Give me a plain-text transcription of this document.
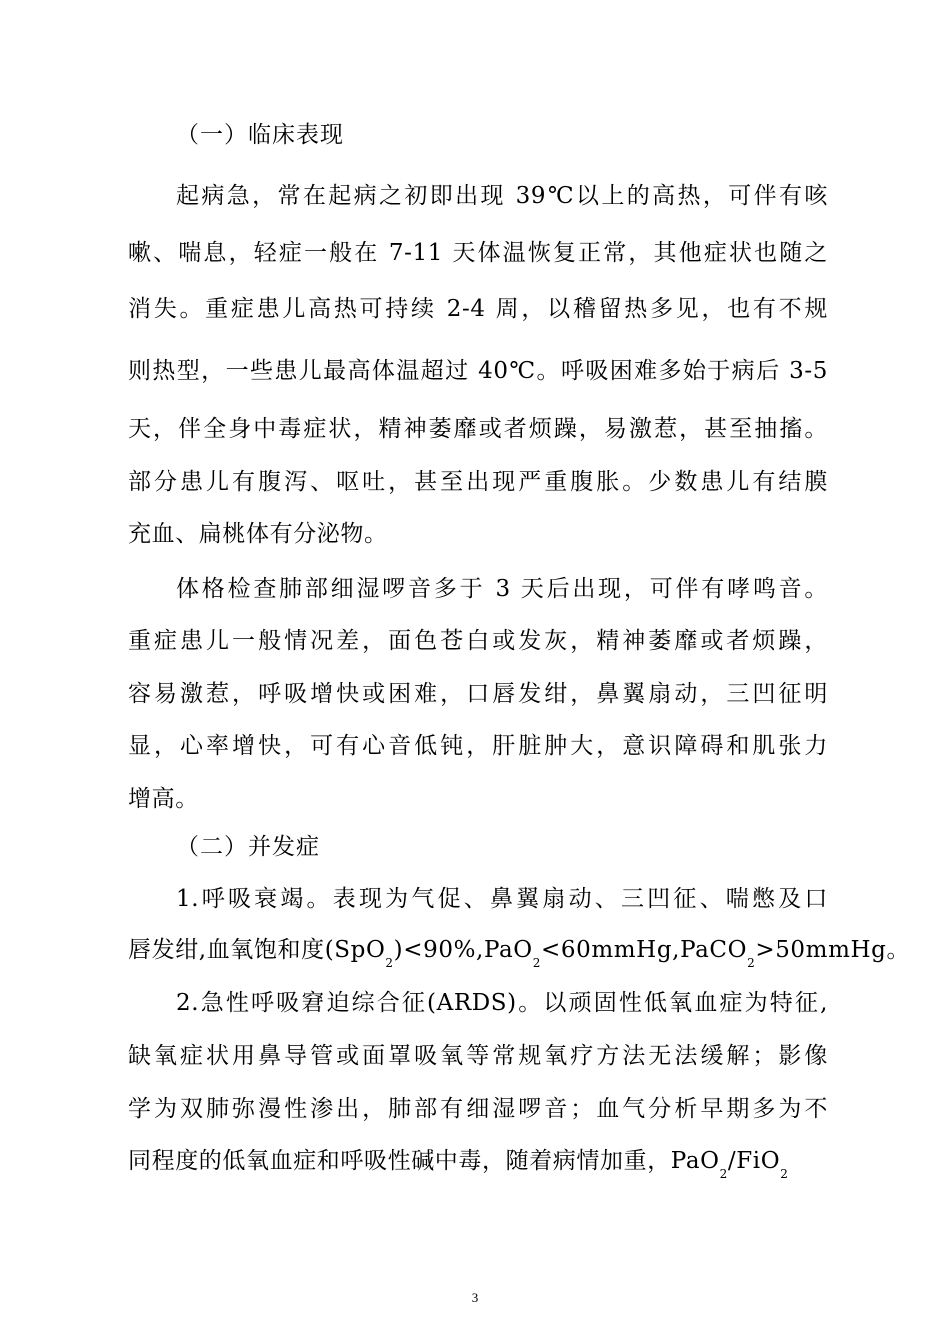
（一）临床表现
起病急，常在起病之初即出现 39℃以上的高热，可伴有咳
嗽、喘息，轻症一般在 7-11 天体温恢复正常，其他症状也随之
消失。重症患儿高热可持续 2-4 周，以稽留热多见，也有不规
则热型，一些患儿最高体温超过 40℃。呼吸困难多始于病后 3-5
天，伴全身中毒症状，精神萎靡或者烦躁，易激惹，甚至抽搐。
部分患儿有腹泻、呕吐，甚至出现严重腹胀。少数患儿有结膜
充血、扁桃体有分泌物。
体格检查肺部细湿啰音多于 3 天后出现，可伴有哮鸣音。
重症患儿一般情况差，面色苍白或发灰，精神萎靡或者烦躁，
容易激惹，呼吸增快或困难，口唇发绀，鼻翼扇动，三凹征明
显，心率增快，可有心音低钝，肝脏肿大，意识障碍和肌张力
增高。
（二）并发症
1.呼吸衰竭。表现为气促、鼻翼扇动、三凹征、喘憋及口
唇发绀,血氧饱和度(SpO$_2$)<90%,PaO$_2$<60mmHg,PaCO$_2$>50mmHg。
2.急性呼吸窘迫综合征(ARDS)。以顽固性低氧血症为特征,
缺氧症状用鼻导管或面罩吸氧等常规氧疗方法无法缓解；影像
学为双肺弥漫性渗出，肺部有细湿啰音；血气分析早期多为不
同程度的低氧血症和呼吸性碱中毒，随着病情加重，PaO$_2$/FiO$_2$
3
